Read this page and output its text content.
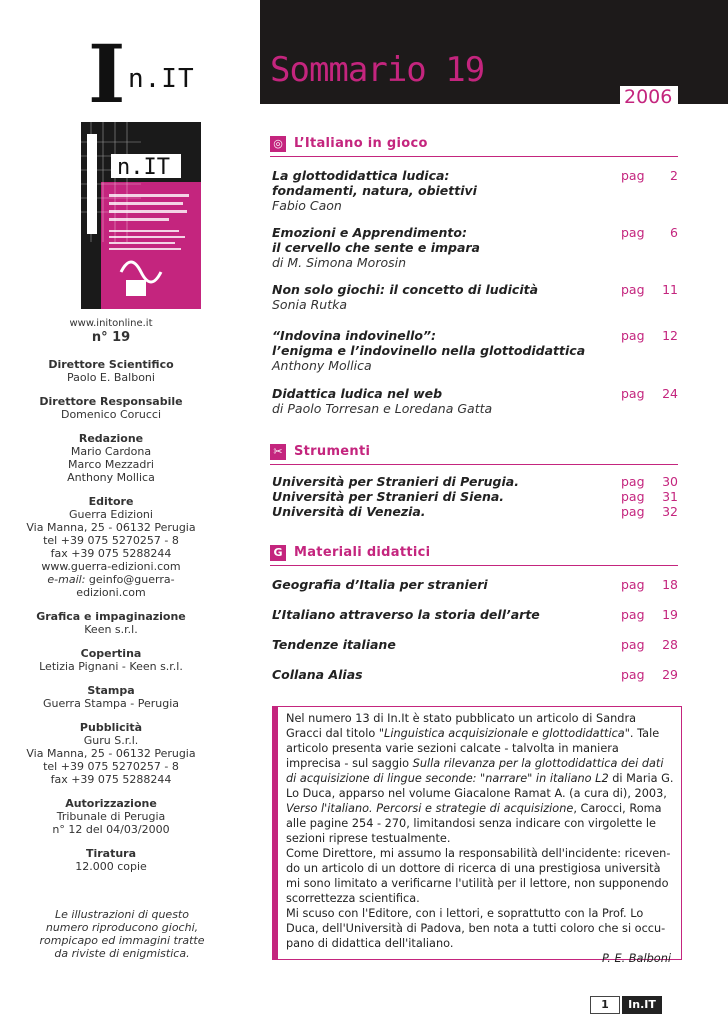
I n.IT
n.IT
www.initonline.it
n° 19
Direttore Scientifico
Paolo E. Balboni
Direttore Responsabile
Domenico Corucci
Redazione
Mario Cardona
Marco Mezzadri
Anthony Mollica
Editore
Guerra Edizioni
Via Manna, 25 - 06132 Perugia
tel +39 075 5270257 - 8
fax +39 075 5288244
www.guerra-edizioni.com
e-mail: geinfo@guerra-edizioni.com
Grafica e impaginazione
Keen s.r.l.
Copertina
Letizia Pignani - Keen s.r.l.
Stampa
Guerra Stampa - Perugia
Pubblicità
Guru S.r.l.
Via Manna, 25 - 06132 Perugia
tel +39 075 5270257 - 8
fax +39 075 5288244
Autorizzazione
Tribunale di Perugia
n° 12 del 04/03/2000
Tiratura
12.000 copie
Le illustrazioni di questo
numero riproducono giochi,
rompicapo ed immagini tratte
da riviste di enigmistica.
Sommario 19
2006
◎ L’Italiano in gioco
La glottodidattica ludica:
fondamenti, natura, obiettivi
Fabio Caon
pag 2
Emozioni e Apprendimento:
il cervello che sente e impara
di M. Simona Morosin
pag 6
Non solo giochi: il concetto di ludicità
Sonia Rutka
pag 11
“Indovina indovinello”:
l’enigma e l’indovinello nella glottodidattica
Anthony Mollica
pag 12
Didattica ludica nel web
di Paolo Torresan e Loredana Gatta
pag 24
✂ Strumenti
Università per Stranieri di Perugia.	pag 30
Università per Stranieri di Siena.	pag 31
Università di Venezia.	pag 32
G Materiali didattici
Geografia d’Italia per stranieri	pag 18
L’Italiano attraverso la storia dell’arte	pag 19
Tendenze italiane	pag 28
Collana Alias	pag 29
Nel numero 13 di In.It è stato pubblicato un articolo di Sandra Gracci dal titolo "Linguistica acquisizionale e glottodidattica". Tale articolo presenta varie sezioni calcate - talvolta in maniera imprecisa - sul saggio Sulla rilevanza per la glottodidattica dei dati di acquisizione di lingue seconde: "narrare" in italiano L2 di Maria G. Lo Duca, apparso nel volume Giacalone Ramat A. (a cura di), 2003, Verso l'italiano. Percorsi e strategie di acquisizione, Carocci, Roma alle pagine 254 - 270, limitandosi senza indicare con virgolette le sezioni riprese testualmente.
Come Direttore, mi assumo la responsabilità dell'incidente: riceven-do un articolo di un dottore di ricerca di una prestigiosa università mi sono limitato a verificarne l'utilità per il lettore, non supponendo scorrettezza scientifica.
Mi scuso con l'Editore, con i lettori, e soprattutto con la Prof. Lo Duca, dell'Università di Padova, ben nota a tutti coloro che si occu-pano di didattica dell'italiano.
P. E. Balboni
1	In.IT
